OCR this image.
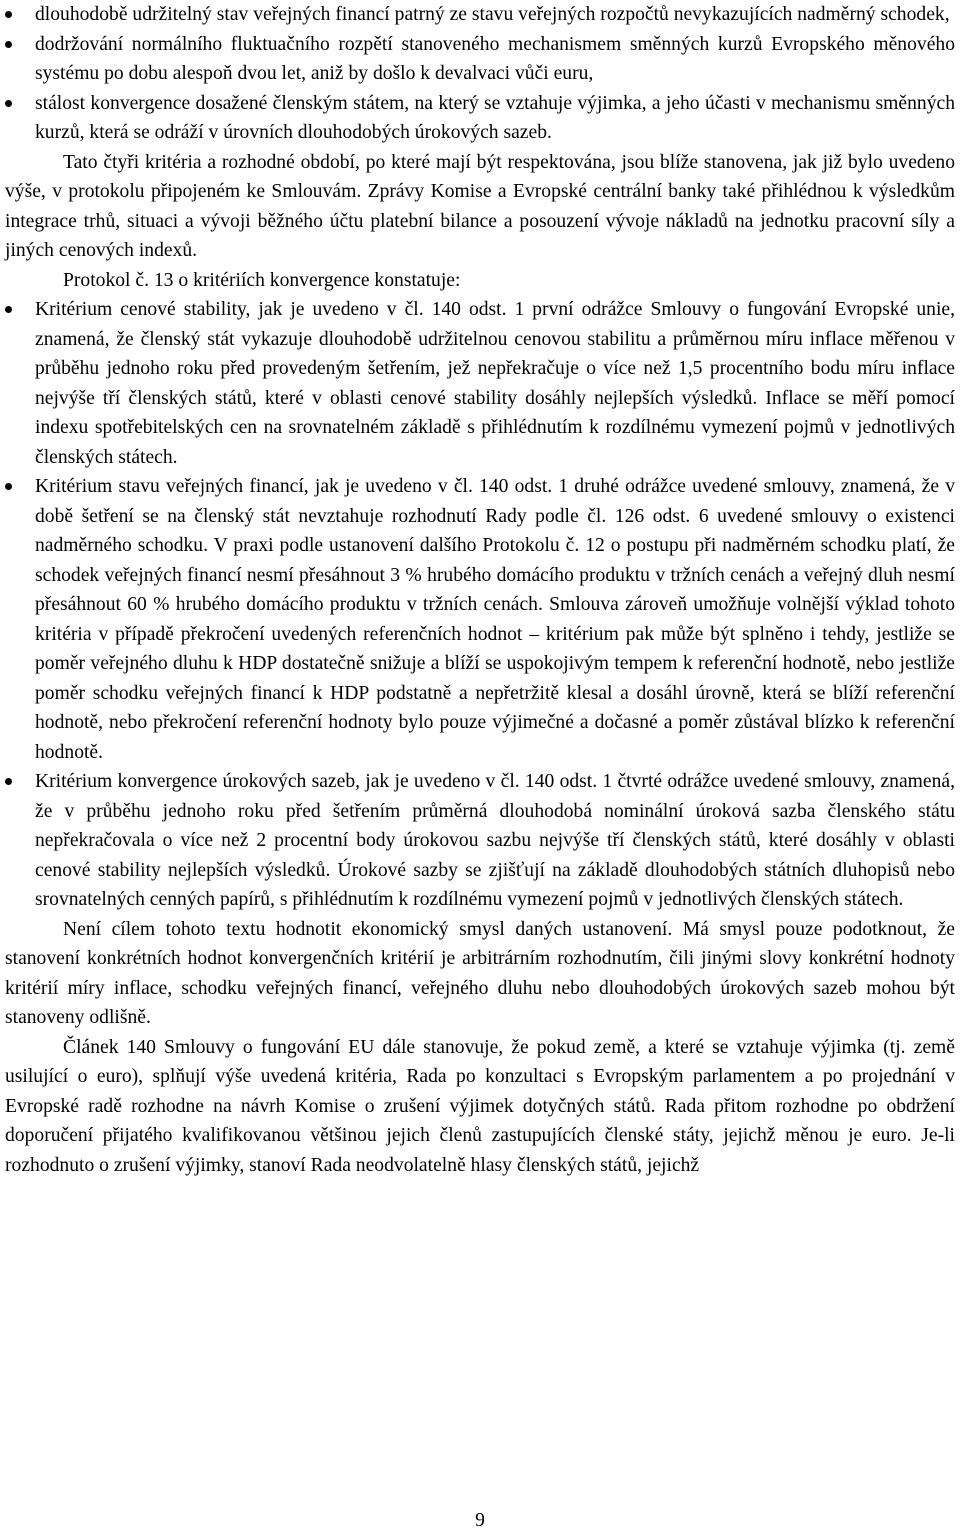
dlouhodobě udržitelný stav veřejných financí patrný ze stavu veřejných rozpočtů nevykazujících nadměrný schodek,
dodržování normálního fluktuačního rozpětí stanoveného mechanismem směnných kurzů Evropského měnového systému po dobu alespoň dvou let, aniž by došlo k devalvaci vůči euru,
stálost konvergence dosažené členským státem, na který se vztahuje výjimka, a jeho účasti v mechanismu směnných kurzů, která se odráží v úrovních dlouhodobých úrokových sazeb.

Tato čtyři kritéria a rozhodné období, po které mají být respektována, jsou blíže stanovena, jak již bylo uvedeno výše, v protokolu připojeném ke Smlouvám. Zprávy Komise a Evropské centrální banky také přihlédnou k výsledkům integrace trhů, situaci a vývoji běžného účtu platební bilance a posouzení vývoje nákladů na jednotku pracovní síly a jiných cenových indexů.

Protokol č. 13 o kritériích konvergence konstatuje:

Kritérium cenové stability, jak je uvedeno v čl. 140 odst. 1 první odrážce Smlouvy o fungování Evropské unie, znamená, že členský stát vykazuje dlouhodobě udržitelnou cenovou stabilitu a průměrnou míru inflace měřenou v průběhu jednoho roku před provedeným šetřením, jež nepřekračuje o více než 1,5 procentního bodu míru inflace nejvýše tří členských států, které v oblasti cenové stability dosáhly nejlepších výsledků. Inflace se měří pomocí indexu spotřebitelských cen na srovnatelném základě s přihlédnutím k rozdílnému vymezení pojmů v jednotlivých členských státech.
Kritérium stavu veřejných financí, jak je uvedeno v čl. 140 odst. 1 druhé odrážce uvedené smlouvy, znamená, že v době šetření se na členský stát nevztahuje rozhodnutí Rady podle čl. 126 odst. 6 uvedené smlouvy o existenci nadměrného schodku. V praxi podle ustanovení dalšího Protokolu č. 12 o postupu při nadměrném schodku platí, že schodek veřejných financí nesmí přesáhnout 3 % hrubého domácího produktu v tržních cenách a veřejný dluh nesmí přesáhnout 60 % hrubého domácího produktu v tržních cenách. Smlouva zároveň umožňuje volnější výklad tohoto kritéria v případě překročení uvedených referenčních hodnot – kritérium pak může být splněno i tehdy, jestliže se poměr veřejného dluhu k HDP dostatečně snižuje a blíží se uspokojivým tempem k referenční hodnotě, nebo jestliže poměr schodku veřejných financí k HDP podstatně a nepřetržitě klesal a dosáhl úrovně, která se blíží referenční hodnotě, nebo překročení referenční hodnoty bylo pouze výjimečné a dočasné a poměr zůstával blízko k referenční hodnotě.
Kritérium konvergence úrokových sazeb, jak je uvedeno v čl. 140 odst. 1 čtvrté odrážce uvedené smlouvy, znamená, že v průběhu jednoho roku před šetřením průměrná dlouhodobá nominální úroková sazba členského státu nepřekračovala o více než 2 procentní body úrokovou sazbu nejvýše tří členských států, které dosáhly v oblasti cenové stability nejlepších výsledků. Úrokové sazby se zjišťují na základě dlouhodobých státních dluhopisů nebo srovnatelných cenných papírů, s přihlédnutím k rozdílnému vymezení pojmů v jednotlivých členských státech.

Není cílem tohoto textu hodnotit ekonomický smysl daných ustanovení. Má smysl pouze podotknout, že stanovení konkrétních hodnot konvergenčních kritérií je arbitrárním rozhodnutím, čili jinými slovy konkrétní hodnoty kritérií míry inflace, schodku veřejných financí, veřejného dluhu nebo dlouhodobých úrokových sazeb mohou být stanoveny odlišně.

Článek 140 Smlouvy o fungování EU dále stanovuje, že pokud země, a které se vztahuje výjimka (tj. země usilující o euro), splňují výše uvedená kritéria, Rada po konzultaci s Evropským parlamentem a po projednání v Evropské radě rozhodne na návrh Komise o zrušení výjimek dotyčných států. Rada přitom rozhodne po obdržení doporučení přijatého kvalifikovanou většinou jejich členů zastupujících členské státy, jejichž měnou je euro. Je-li rozhodnuto o zrušení výjimky, stanoví Rada neodvolatelně hlasy členských států, jejichž

9
